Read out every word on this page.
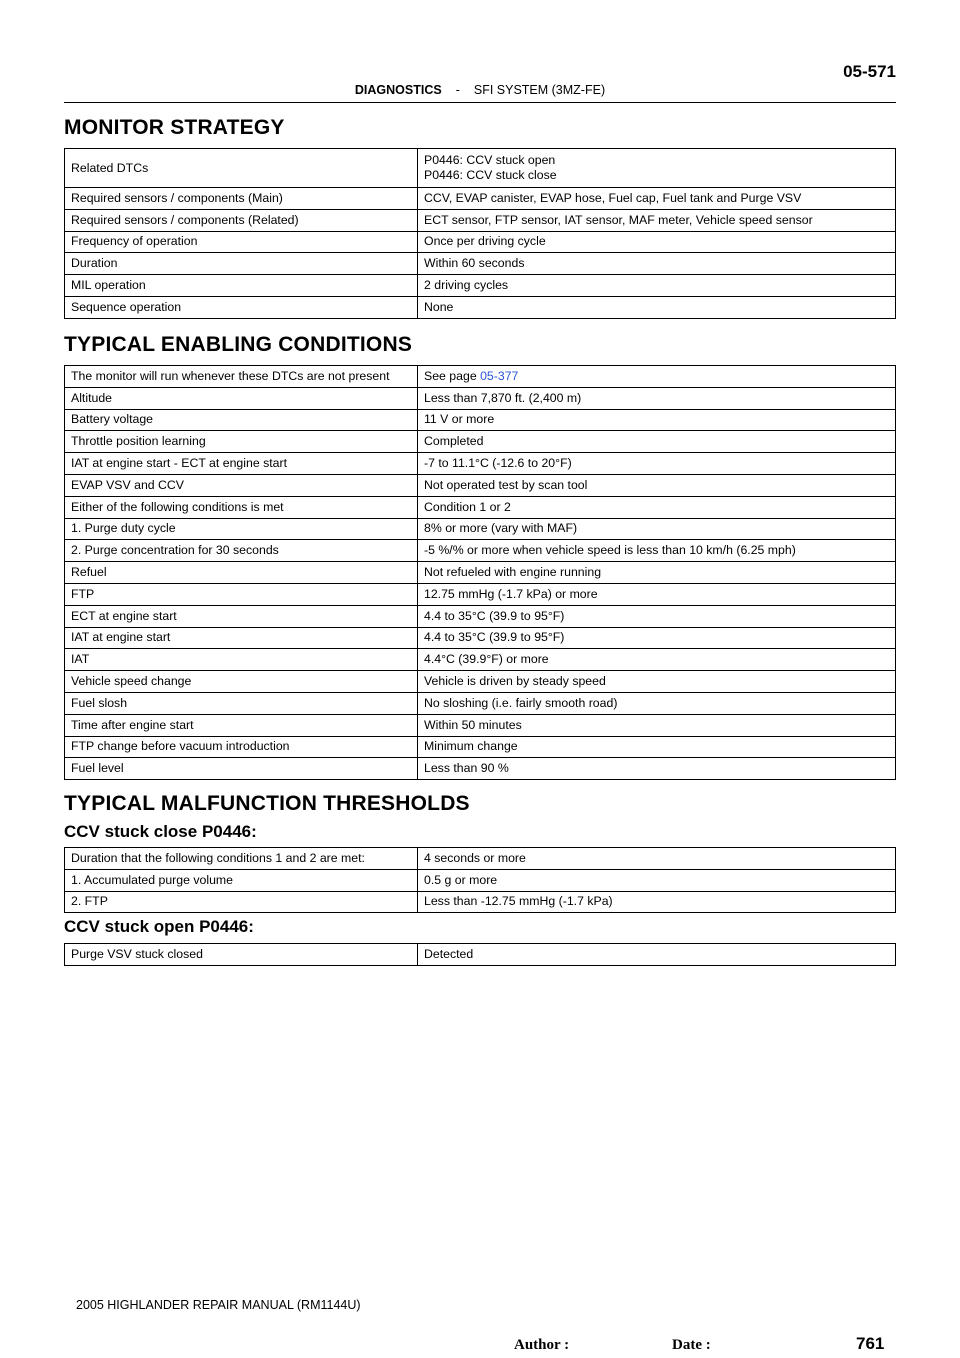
05-571
DIAGNOSTICS - SFI SYSTEM (3MZ-FE)
MONITOR STRATEGY
Related DTCs	P0446: CCV stuck open
P0446: CCV stuck close

Required sensors / components (Main)	CCV, EVAP canister, EVAP hose, Fuel cap, Fuel tank and Purge VSV
Required sensors / components (Related)	ECT sensor, FTP sensor, IAT sensor, MAF meter, Vehicle speed sensor
Frequency of operation	Once per driving cycle
Duration	Within 60 seconds
MIL operation	2 driving cycles
Sequence operation	None
TYPICAL ENABLING CONDITIONS
The monitor will run whenever these DTCs are not present	See page 05-377
Altitude	Less than 7,870 ft. (2,400 m)
Battery voltage	11 V or more
Throttle position learning	Completed
IAT at engine start - ECT at engine start	-7 to 11.1°C (-12.6 to 20°F)
EVAP VSV and CCV	Not operated test by scan tool
Either of the following conditions is met	Condition 1 or 2
1. Purge duty cycle	8% or more (vary with MAF)
2. Purge concentration for 30 seconds	-5 %/% or more when vehicle speed is less than 10 km/h (6.25 mph)
Refuel	Not refueled with engine running
FTP	12.75 mmHg (-1.7 kPa) or more
ECT at engine start	4.4 to 35°C (39.9 to 95°F)
IAT at engine start	4.4 to 35°C (39.9 to 95°F)
IAT	4.4°C (39.9°F) or more
Vehicle speed change	Vehicle is driven by steady speed
Fuel slosh	No sloshing (i.e. fairly smooth road)
Time after engine start	Within 50 minutes
FTP change before vacuum introduction	Minimum change
Fuel level	Less than 90 %
TYPICAL MALFUNCTION THRESHOLDS
CCV stuck close P0446:
Duration that the following conditions 1 and 2 are met:	4 seconds or more
1. Accumulated purge volume	0.5 g or more
2. FTP	Less than -12.75 mmHg (-1.7 kPa)
CCV stuck open P0446:
Purge VSV stuck closed	Detected
2005 HIGHLANDER REPAIR MANUAL (RM1144U)
Author :	Date :	761
